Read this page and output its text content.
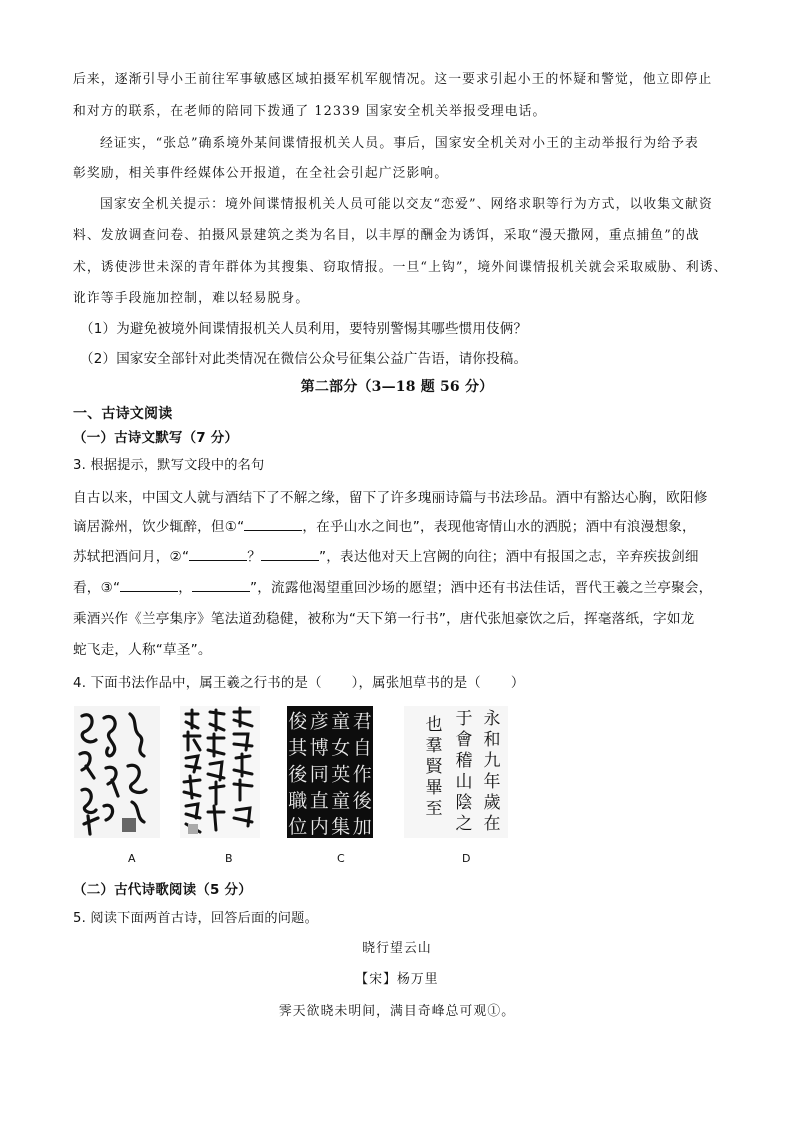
后来，逐渐引导小王前往军事敏感区域拍摄军机军舰情况。这一要求引起小王的怀疑和警觉，他立即停止
和对方的联系，在老师的陪同下拨通了 12339 国家安全机关举报受理电话。
经证实，“张总”确系境外某间谍情报机关人员。事后，国家安全机关对小王的主动举报行为给予表
彰奖励，相关事件经媒体公开报道，在全社会引起广泛影响。
国家安全机关提示：境外间谍情报机关人员可能以交友“恋爱”、网络求职等行为方式，以收集文献资
料、发放调查问卷、拍摄风景建筑之类为名目，以丰厚的酬金为诱饵，采取“漫天撒网，重点捕鱼”的战
术，诱使涉世未深的青年群体为其搜集、窃取情报。一旦“上钩”，境外间谍情报机关就会采取威胁、利诱、
讹诈等手段施加控制，难以轻易脱身。
（1）为避免被境外间谍情报机关人员利用，要特别警惕其哪些惯用伎俩？
（2）国家安全部针对此类情况在微信公众号征集公益广告语，请你投稿。
第二部分（3—18 题 56 分）
一、古诗文阅读
（一）古诗文默写（7 分）
3. 根据提示，默写文段中的名句
自古以来，中国文人就与酒结下了不解之缘，留下了许多瑰丽诗篇与书法珍品。酒中有豁达心胸，欧阳修
谪居滁州，饮少辄醉，但①“	，在乎山水之间也”，表现他寄情山水的洒脱；酒中有浪漫想象，
苏轼把酒问月，②“	？	”，表达他对天上宫阙的向往；酒中有报国之志，辛弃疾拔剑细
看，③“	，	”，流露他渴望重回沙场的愿望；酒中还有书法佳话，晋代王羲之兰亭聚会，
乘酒兴作《兰亭集序》笔法道劲稳健，被称为“天下第一行书”，唐代张旭豪饮之后，挥毫落纸，字如龙
蛇飞走，人称“草圣”。
4. 下面书法作品中，属王羲之行书的是（ ），属张旭草书的是（ ）
君
自
作
後
加
童
女
英
童
集
彦
博
同
直
内
俊
其
後
職
位
永
和
九
年
歲
在
于
會
稽
山
陰
之
也
羣
賢
畢
至
A	B	C	D
（二）古代诗歌阅读（5 分）
5. 阅读下面两首古诗，回答后面的问题。
晓行望云山
【宋】杨万里
霁天欲晓未明间，满目奇峰总可观①。
